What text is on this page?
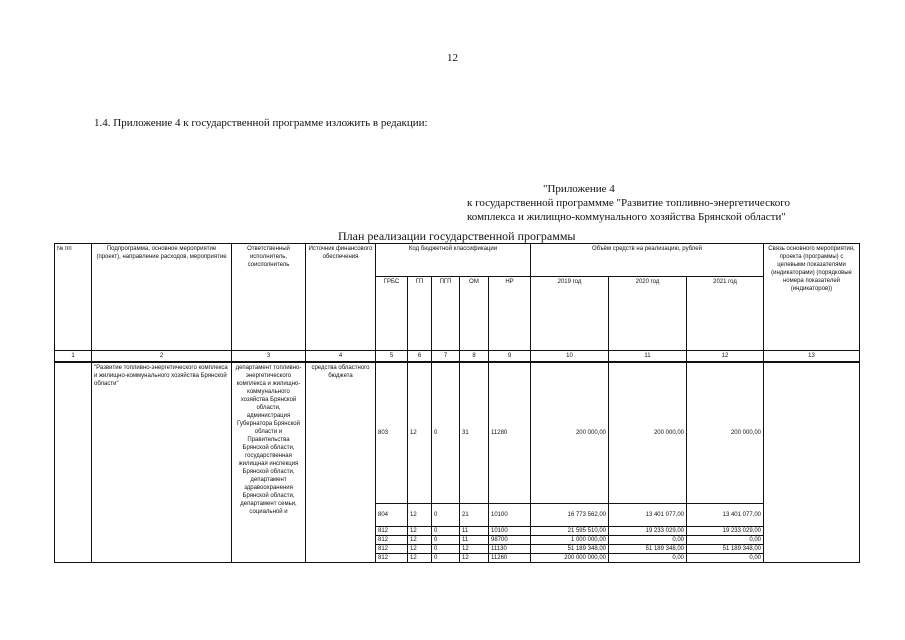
12
1.4. Приложение 4 к государственной программе изложить в редакции:
"Приложение 4
к государственной программме "Развитие топливно-энергетического
комплекса и жилищно-коммунального хозяйства Брянской области"
План реализации государственной программы
№ пп	Подпрограмма, основное мероприятие (проект), направление расходов, мероприятие	Ответственный исполнитель, соисполнитель	Источник финансового обеспечения	Код бюджетной классификации					Объём средств на реализацию, рублей			Связь основного мероприятия, проекта (программы) с целевыми показателями (индикаторами) (порядковые номера показателей (индикаторов))
				ГРБС	ГП	ПГП	ОМ	НР	2019 год	2020 год	2021 год	
1	2	3	4	5	6	7	8	9	10	11	12	13
	"Развитие топливно-энергетического комплекса и жилищно-коммунального хозяйства Брянской области"	департамент топливно-энергетического комплекса и жилищно-коммунального хозяйства Брянской области, администрация Губернатора Брянской области и Правительства Брянской области, государственная жилищная инспекция Брянской области, департамент здравоохранения Брянской области, департамент семьи, социальной и	средства областного бюджета	803	12	0	31	11280	200 000,00	200 000,00	200 000,00	
				804	12	0	21	10100	16 773 562,00	13 401 077,00	13 401 077,00	
				812	12	0	11	10100	21 595 510,00	19 233 029,00	19 233 029,00	
				812	12	0	11	98700	1 000 000,00	0,00	0,00	
				812	12	0	12	11130	51 189 348,00	51 189 348,00	51 189 348,00	
				812	12	0	12	11260	200 000 000,00	0,00	0,00	
